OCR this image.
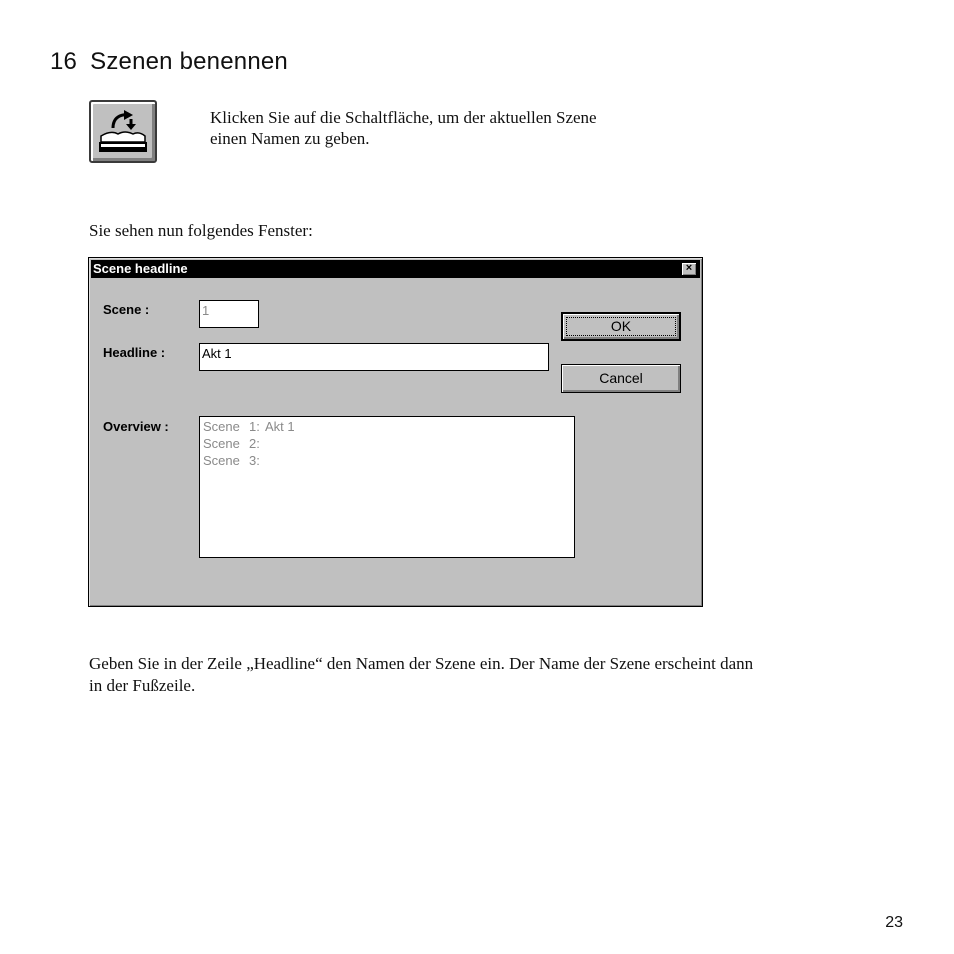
16 Szenen benennen
Klicken Sie auf die Schaltfläche, um der aktuellen Szene
einen Namen zu geben.
Sie sehen nun folgendes Fenster:
Scene headline	×
Scene :	1
Headline :	Akt 1
OK
Cancel
Overview :	Scene 1: Akt 1
Scene 2:
Scene 3:
Geben Sie in der Zeile „Headline“ den Namen der Szene ein. Der Name der Szene erscheint dann
in der Fußzeile.
23
